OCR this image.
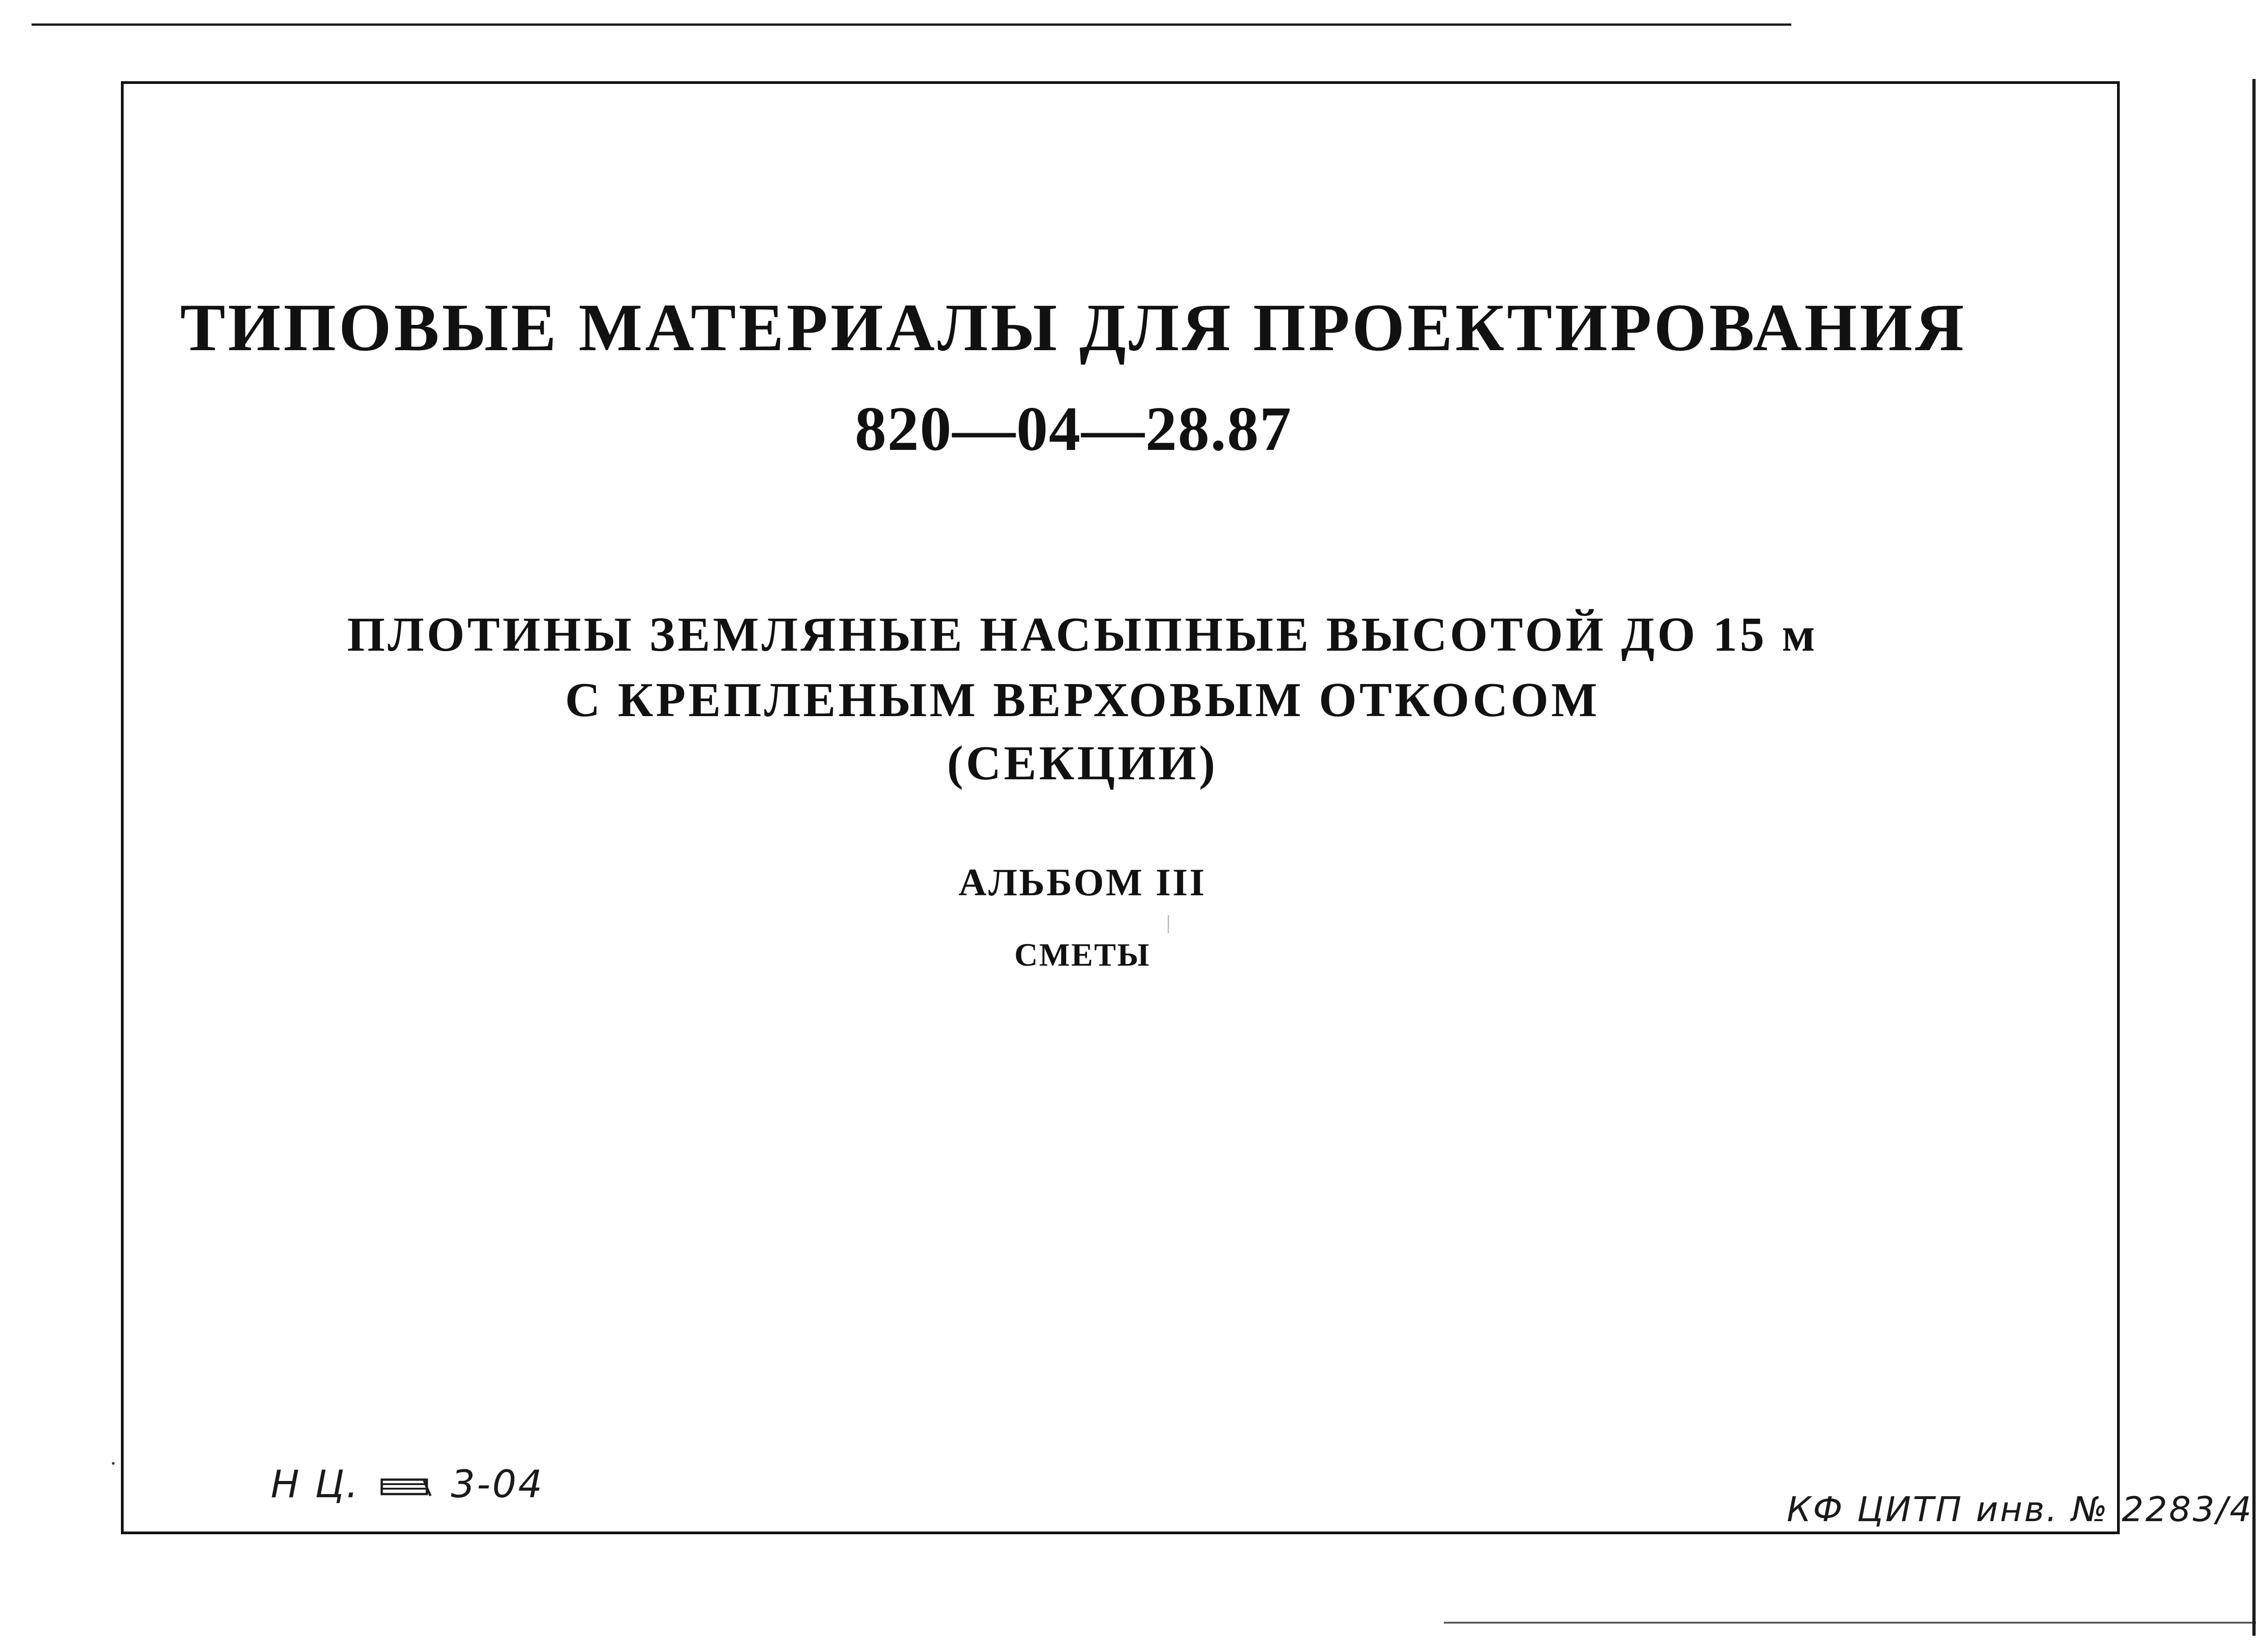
ТИПОВЫЕ МАТЕРИАЛЫ ДЛЯ ПРОЕКТИРОВАНИЯ
820—04—28.87
ПЛОТИНЫ ЗЕМЛЯНЫЕ НАСЫПНЫЕ ВЫСОТОЙ ДО 15 м
С КРЕПЛЕНЫМ ВЕРХОВЫМ ОТКОСОМ
(СЕКЦИИ)
АЛЬБОМ III
СМЕТЫ
Н Ц. 3-04
КФ ЦИТП инв. № 2283/4
